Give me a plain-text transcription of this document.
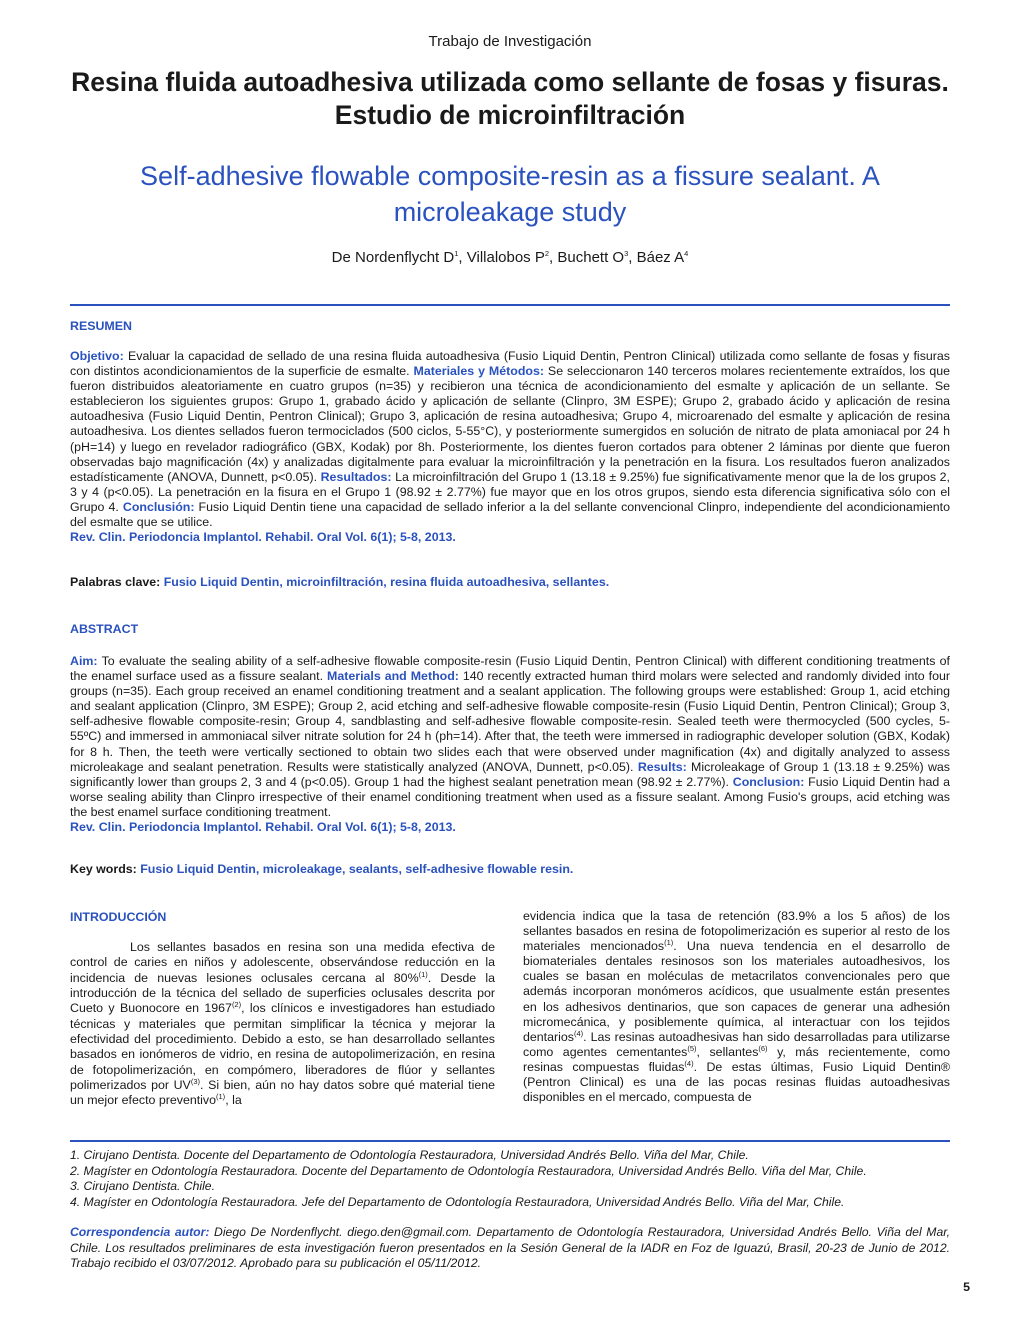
Trabajo de Investigación
Resina fluida autoadhesiva utilizada como sellante de fosas y fisuras. Estudio de microinfiltración
Self-adhesive flowable composite-resin as a fissure sealant. A microleakage study
De Nordenflycht $D^1$, Villalobos $P^2$, Buchett $O^3$, Báez $A^4$
RESUMEN
Objetivo: Evaluar la capacidad de sellado de una resina fluida autoadhesiva (Fusio Liquid Dentin, Pentron Clinical) utilizada como sellante de fosas y fisuras con distintos acondicionamientos de la superficie de esmalte. Materiales y Métodos: Se seleccionaron 140 terceros molares recientemente extraídos, los que fueron distribuidos aleatoriamente en cuatro grupos (n=35) y recibieron una técnica de acondicionamiento del esmalte y aplicación de un sellante. Se establecieron los siguientes grupos: Grupo 1, grabado ácido y aplicación de sellante (Clinpro, 3M ESPE); Grupo 2, grabado ácido y aplicación de resina autoadhesiva (Fusio Liquid Dentin, Pentron Clinical); Grupo 3, aplicación de resina autoadhesiva; Grupo 4, microarenado del esmalte y aplicación de resina autoadhesiva. Los dientes sellados fueron termociclados (500 ciclos, 5-55°C), y posteriormente sumergidos en solución de nitrato de plata amoniacal por 24 h (pH=14) y luego en revelador radiográfico (GBX, Kodak) por 8h. Posteriormente, los dientes fueron cortados para obtener 2 láminas por diente que fueron observadas bajo magnificación (4x) y analizadas digitalmente para evaluar la microinfiltración y la penetración en la fisura. Los resultados fueron analizados estadísticamente (ANOVA, Dunnett, p<0.05). Resultados: La microinfiltración del Grupo 1 (13.18 ± 9.25%) fue significativamente menor que la de los grupos 2, 3 y 4 (p<0.05). La penetración en la fisura en el Grupo 1 (98.92 ± 2.77%) fue mayor que en los otros grupos, siendo esta diferencia significativa sólo con el Grupo 4. Conclusión: Fusio Liquid Dentin tiene una capacidad de sellado inferior a la del sellante convencional Clinpro, independiente del acondicionamiento del esmalte que se utilice.
Rev. Clin. Periodoncia Implantol. Rehabil. Oral Vol. 6(1); 5-8, 2013.
Palabras clave: Fusio Liquid Dentin, microinfiltración, resina fluida autoadhesiva, sellantes.
ABSTRACT
Aim: To evaluate the sealing ability of a self-adhesive flowable composite-resin (Fusio Liquid Dentin, Pentron Clinical) with different conditioning treatments of the enamel surface used as a fissure sealant. Materials and Method: 140 recently extracted human third molars were selected and randomly divided into four groups (n=35). Each group received an enamel conditioning treatment and a sealant application. The following groups were established: Group 1, acid etching and sealant application (Clinpro, 3M ESPE); Group 2, acid etching and self-adhesive flowable composite-resin (Fusio Liquid Dentin, Pentron Clinical); Group 3, self-adhesive flowable composite-resin; Group 4, sandblasting and self-adhesive flowable composite-resin. Sealed teeth were thermocycled (500 cycles, 5-55ºC) and immersed in ammoniacal silver nitrate solution for 24 h (ph=14). After that, the teeth were immersed in radiographic developer solution (GBX, Kodak) for 8 h. Then, the teeth were vertically sectioned to obtain two slides each that were observed under magnification (4x) and digitally analyzed to assess microleakage and sealant penetration. Results were statistically analyzed (ANOVA, Dunnett, p<0.05). Results: Microleakage of Group 1 (13.18 ± 9.25%) was significantly lower than groups 2, 3 and 4 (p<0.05). Group 1 had the highest sealant penetration mean (98.92 ± 2.77%). Conclusion: Fusio Liquid Dentin had a worse sealing ability than Clinpro irrespective of their enamel conditioning treatment when used as a fissure sealant. Among Fusio's groups, acid etching was the best enamel surface conditioning treatment.
Rev. Clin. Periodoncia Implantol. Rehabil. Oral Vol. 6(1); 5-8, 2013.
Key words: Fusio Liquid Dentin, microleakage, sealants, self-adhesive flowable resin.
INTRODUCCIÓN
Los sellantes basados en resina son una medida efectiva de control de caries en niños y adolescente, observándose reducción en la incidencia de nuevas lesiones oclusales cercana al 80%$^{(1)}$. Desde la introducción de la técnica del sellado de superficies oclusales descrita por Cueto y Buonocore en 1967$^{(2)}$, los clínicos e investigadores han estudiado técnicas y materiales que permitan simplificar la técnica y mejorar la efectividad del procedimiento. Debido a esto, se han desarrollado sellantes basados en ionómeros de vidrio, en resina de autopolimerización, en resina de fotopolimerización, en compómero, liberadores de flúor y sellantes polimerizados por UV$^{(3)}$. Si bien, aún no hay datos sobre qué material tiene un mejor efecto preventivo$^{(1)}$, la
evidencia indica que la tasa de retención (83.9% a los 5 años) de los sellantes basados en resina de fotopolimerización es superior al resto de los materiales mencionados$^{(1)}$. Una nueva tendencia en el desarrollo de biomateriales dentales resinosos son los materiales autoadhesivos, los cuales se basan en moléculas de metacrilatos convencionales pero que además incorporan monómeros acídicos, que usualmente están presentes en los adhesivos dentinarios, que son capaces de generar una adhesión micromecánica, y posiblemente química, al interactuar con los tejidos dentarios$^{(4)}$. Las resinas autoadhesivas han sido desarrolladas para utilizarse como agentes cementantes$^{(5)}$, sellantes$^{(6)}$ y, más recientemente, como resinas compuestas fluidas$^{(4)}$. De estas últimas, Fusio Liquid Dentin® (Pentron Clinical) es una de las pocas resinas fluidas autoadhesivas disponibles en el mercado, compuesta de
1. Cirujano Dentista. Docente del Departamento de Odontología Restauradora, Universidad Andrés Bello. Viña del Mar, Chile.
2. Magíster en Odontología Restauradora. Docente del Departamento de Odontología Restauradora, Universidad Andrés Bello. Viña del Mar, Chile.
3. Cirujano Dentista. Chile.
4. Magíster en Odontología Restauradora. Jefe del Departamento de Odontología Restauradora, Universidad Andrés Bello. Viña del Mar, Chile.
Correspondencia autor: Diego De Nordenflycht. diego.den@gmail.com. Departamento de Odontología Restauradora, Universidad Andrés Bello. Viña del Mar, Chile. Los resultados preliminares de esta investigación fueron presentados en la Sesión General de la IADR en Foz de Iguazú, Brasil, 20-23 de Junio de 2012. Trabajo recibido el 03/07/2012. Aprobado para su publicación el 05/11/2012.
5
